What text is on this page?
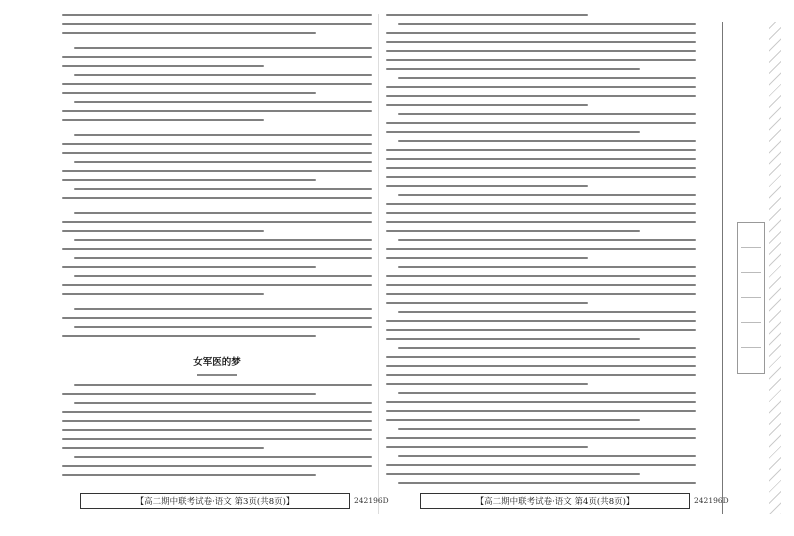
女军医的梦
【高二期中联考试卷·语文 第3页(共8页)】	242196D	【高二期中联考试卷·语文 第4页(共8页)】	242196D
